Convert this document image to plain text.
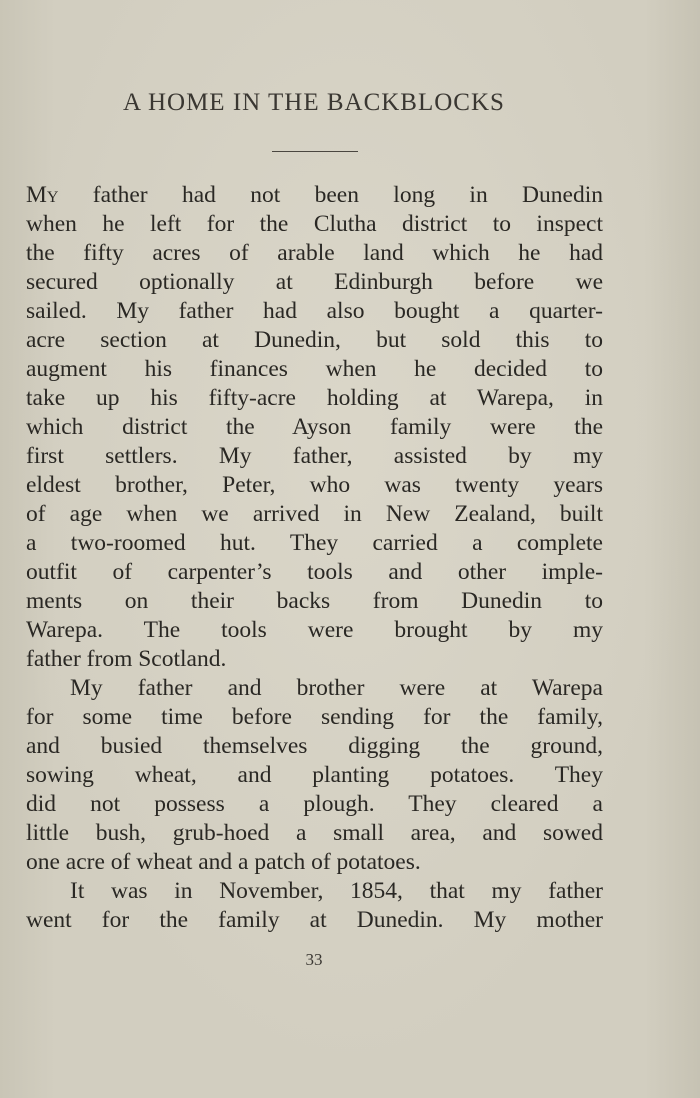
A HOME IN THE BACKBLOCKS
My father had not been long in Dunedin
when he left for the Clutha district to inspect
the fifty acres of arable land which he had
secured optionally at Edinburgh before we
sailed. My father had also bought a quarter-
acre section at Dunedin, but sold this to
augment his finances when he decided to
take up his fifty-acre holding at Warepa, in
which district the Ayson family were the
first settlers. My father, assisted by my
eldest brother, Peter, who was twenty years
of age when we arrived in New Zealand, built
a two-roomed hut. They carried a complete
outfit of carpenter’s tools and other imple-
ments on their backs from Dunedin to
Warepa. The tools were brought by my
father from Scotland.
My father and brother were at Warepa
for some time before sending for the family,
and busied themselves digging the ground,
sowing wheat, and planting potatoes. They
did not possess a plough. They cleared a
little bush, grub-hoed a small area, and sowed
one acre of wheat and a patch of potatoes.
It was in November, 1854, that my father
went for the family at Dunedin. My mother
33
